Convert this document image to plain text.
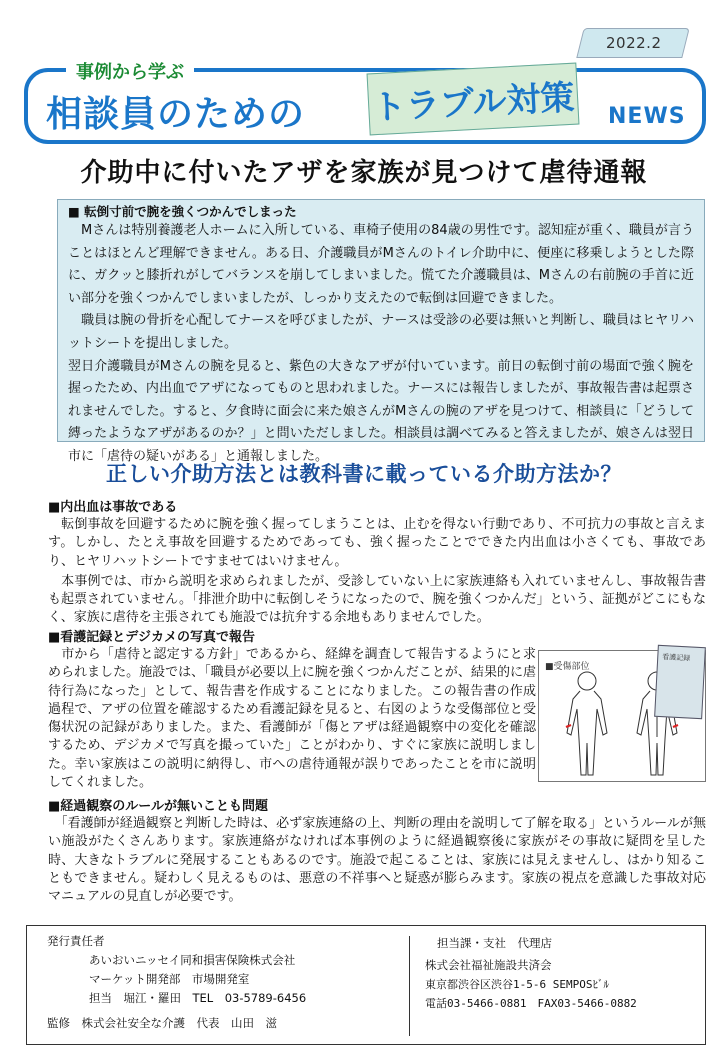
2022.2
事例から学ぶ
相談員のための トラブル対策 NEWS
介助中に付いたアザを家族が見つけて虐待通報
■ 転倒寸前で腕を強くつかんでしまった

　Mさんは特別養護老人ホームに入所している、車椅子使用の84歳の男性です。認知症が重く、職員が言うことはほとんど理解できません。ある日、介護職員がMさんのトイレ介助中に、便座に移乗しようとした際に、ガクッと膝折れがしてバランスを崩してしまいました。慌てた介護職員は、Mさんの右前腕の手首に近い部分を強くつかんでしまいましたが、しっかり支えたので転倒は回避できました。

　職員は腕の骨折を心配してナースを呼びましたが、ナースは受診の必要は無いと判断し、職員はヒヤリハットシートを提出しました。

翌日介護職員がMさんの腕を見ると、紫色の大きなアザが付いています。前日の転倒寸前の場面で強く腕を握ったため、内出血でアザになってものと思われました。ナースには報告しましたが、事故報告書は起票されませんでした。すると、夕食時に面会に来た娘さんがMさんの腕のアザを見つけて、相談員に「どうして縛ったようなアザがあるのか？」と問いただしました。相談員は調べてみると答えましたが、娘さんは翌日市に「虐待の疑いがある」と通報しました。

正しい介助方法とは教科書に載っている介助方法か？
■内出血は事故である

　転倒事故を回避するために腕を強く握ってしまうことは、止むを得ない行動であり、不可抗力の事故と言えます。しかし、たとえ事故を回避するためであっても、強く握ったことでできた内出血は小さくても、事故であり、ヒヤリハットシートですませてはいけません。

　本事例では、市から説明を求められましたが、受診していない上に家族連絡も入れていませんし、事故報告書も起票されていません。「排泄介助中に転倒しそうになったので、腕を強くつかんだ」という、証拠がどこにもなく、家族に虐待を主張されても施設では抗弁する余地もありませんでした。

■看護記録とデジカメの写真で報告

　市から「虐待と認定する方針」であるから、経緯を調査して報告するようにと求められました。施設では、「職員が必要以上に腕を強くつかんだことが、結果的に虐待行為になった」として、報告書を作成することになりました。この報告書の作成過程で、アザの位置を確認するため看護記録を見ると、右図のような受傷部位と受傷状況の記録がありました。また、看護師が「傷とアザは経過観察中の変化を確認するため、デジカメで写真を撮っていた」ことがわかり、すぐに家族に説明しました。幸い家族はこの説明に納得し、市への虐待通報が誤りであったことを市に説明してくれました。

■受傷部位
看護記録
■経過観察のルールが無いことも問題

　「看護師が経過観察と判断した時は、必ず家族連絡の上、判断の理由を説明して了解を取る」というルールが無い施設がたくさんあります。家族連絡がなければ本事例のように経過観察後に家族がその事故に疑問を呈した時、大きなトラブルに発展することもあるのです。施設で起こることは、家族には見えませんし、はかり知ることもできません。疑わしく見えるものは、悪意の不祥事へと疑惑が膨らみます。家族の視点を意識した事故対応マニュアルの見直しが必要です。

発行責任者
あいおいニッセイ同和損害保険株式会社
マーケット開発部　市場開発室
担当　堀江・羅田　TEL　03-5789-6456
監修　株式会社安全な介護　代表　山田　滋
担当課・支社　代理店
株式会社福祉施設共済会
東京都渋谷区渋谷1-5-6 SEMPOSﾋﾞﾙ
電話03-5466-0881　FAX03-5466-0882
